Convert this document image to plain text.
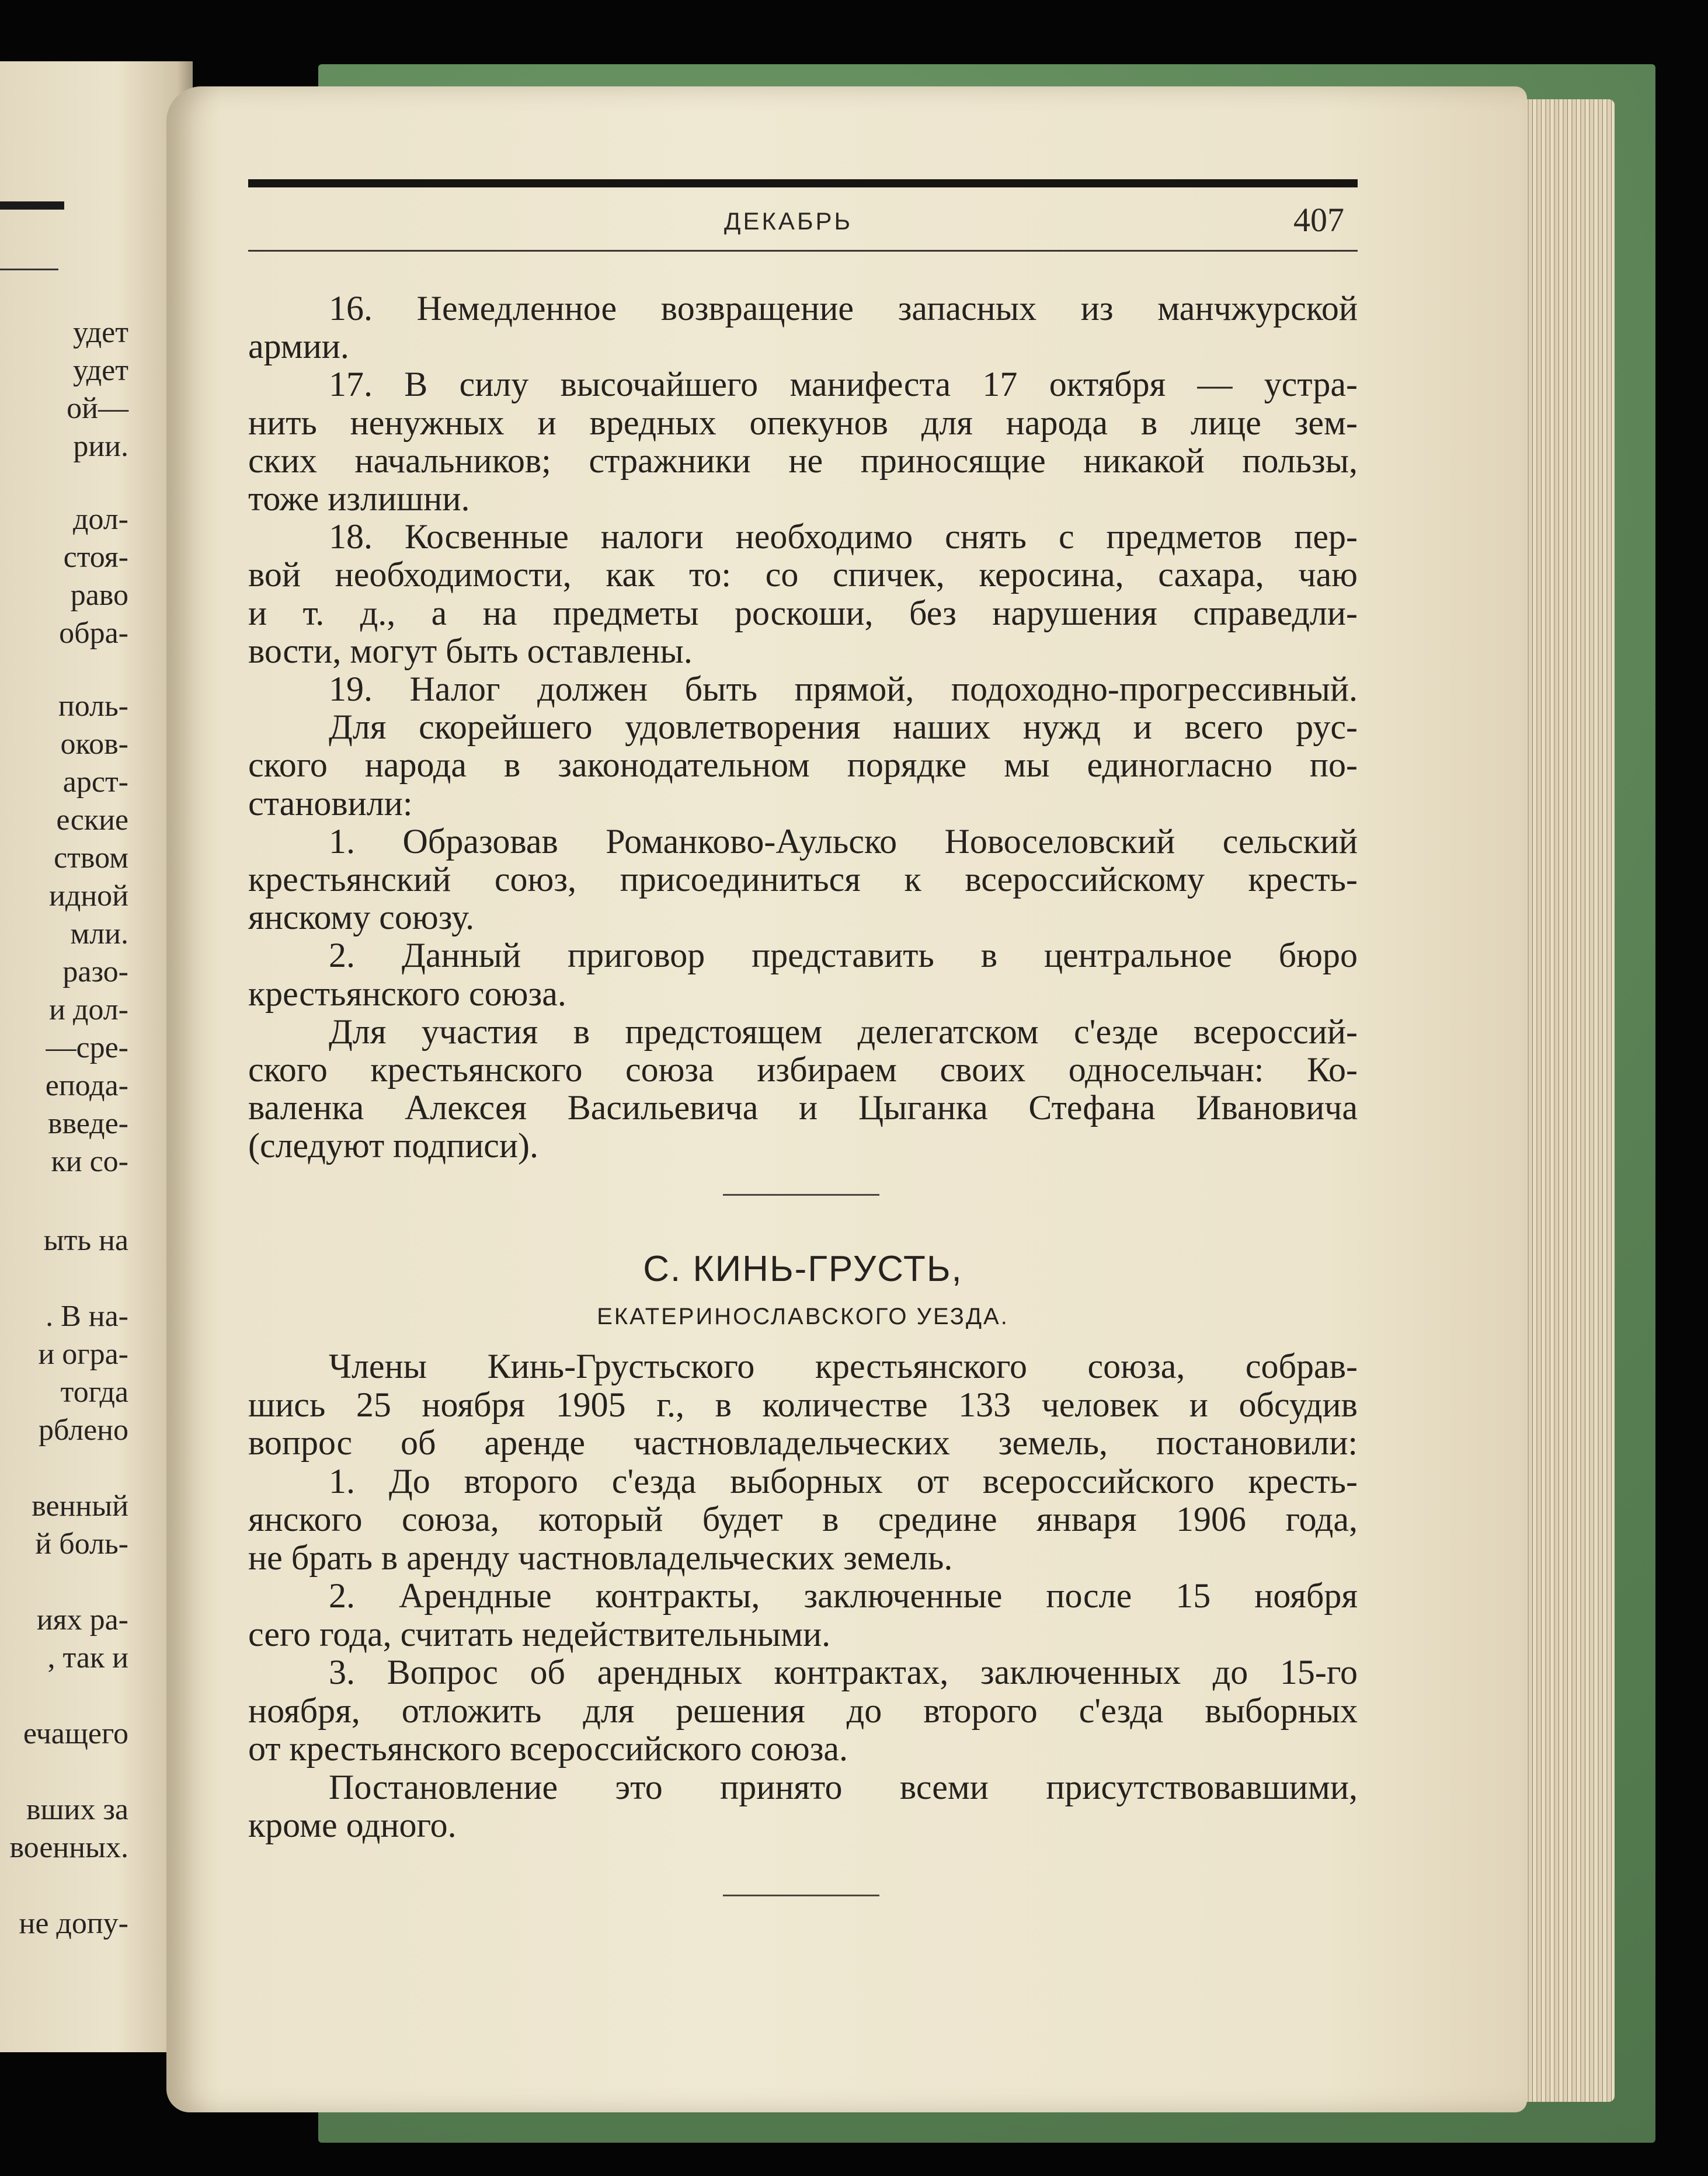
удет
удет
ой—
рии.
дол-
стоя-
раво
обра-
поль-
оков-
арст-
еские
ством
идной
мли.
разо-
и дол-
—сре-
епода-
введе-
ки со-
ыть на
. В на-
и огра-
тогда
рблено
венный
й боль-
иях ра-
, так и
ечащего
вших за
военных.
не допу-
ДЕКАБРЬ	407
16. Немедленное возвращение запасных из манчжурской
армии.
17. В силу высочайшего манифеста 17 октября — устра-
нить ненужных и вредных опекунов для народа в лице зем-
ских начальников; стражники не приносящие никакой пользы,
тоже излишни.
18. Косвенные налоги необходимо снять с предметов пер-
вой необходимости, как то: со спичек, керосина, сахара, чаю
и т. д., а на предметы роскоши, без нарушения справедли-
вости, могут быть оставлены.
19. Налог должен быть прямой, подоходно-прогрессивный.
Для скорейшего удовлетворения наших нужд и всего рус-
ского народа в законодательном порядке мы единогласно по-
становили:
1. Образовав Романково-Аульско Новоселовский сельский
крестьянский союз, присоединиться к всероссийскому кресть-
янскому союзу.
2. Данный приговор представить в центральное бюро
крестьянского союза.
Для участия в предстоящем делегатском с'езде всероссий-
ского крестьянского союза избираем своих односельчан: Ко-
валенка Алексея Васильевича и Цыганка Стефана Ивановича
(следуют подписи).
С. КИНЬ-ГРУСТЬ,
ЕКАТЕРИНОСЛАВСКОГО УЕЗДА.
Члены Кинь-Грустьского крестьянского союза, собрав-
шись 25 ноября 1905 г., в количестве 133 человек и обсудив
вопрос об аренде частновладельческих земель, постановили:
1. До второго с'езда выборных от всероссийского кресть-
янского союза, который будет в средине января 1906 года,
не брать в аренду частновладельческих земель.
2. Арендные контракты, заключенные после 15 ноября
сего года, считать недействительными.
3. Вопрос об арендных контрактах, заключенных до 15-го
ноября, отложить для решения до второго с'езда выборных
от крестьянского всероссийского союза.
Постановление это принято всеми присутствовавшими,
кроме одного.
